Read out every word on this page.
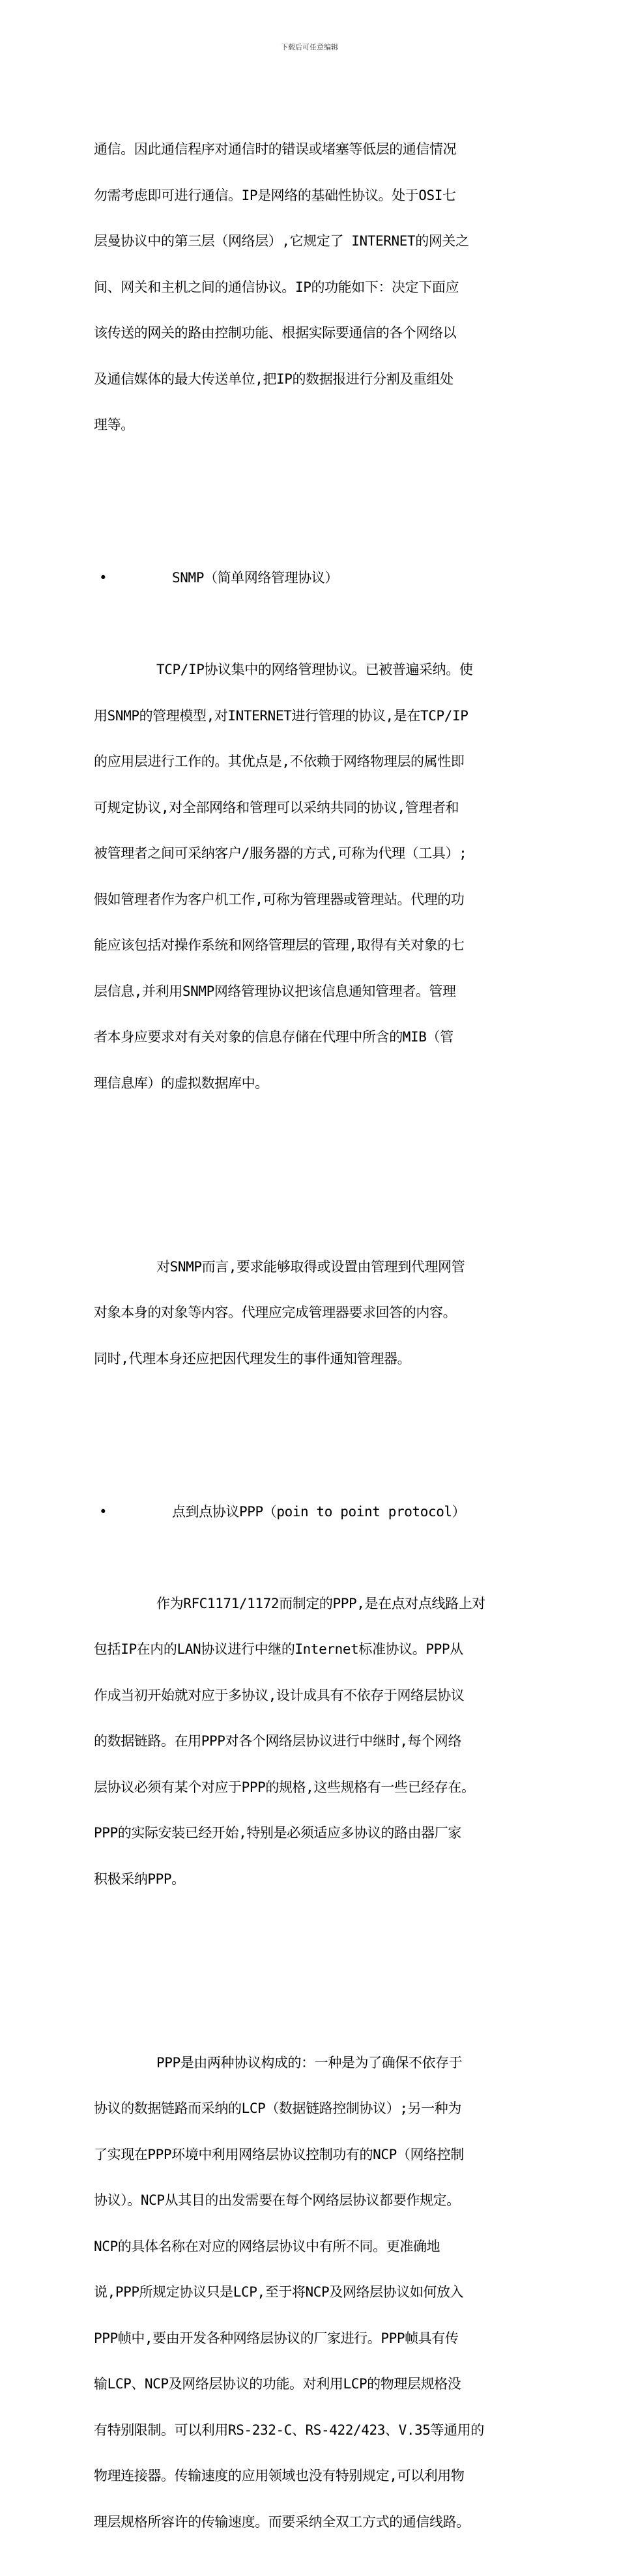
下载后可任意编辑

通信。因此通信程序对通信时的错误或堵塞等低层的通信情况

勿需考虑即可进行通信。IP是网络的基础性协议。处于OSI七

层曼协议中的第三层（网络层）,它规定了 INTERNET的网关之

间、网关和主机之间的通信协议。IP的功能如下：决定下面应

该传送的网关的路由控制功能、根据实际要通信的各个网络以

及通信媒体的最大传送单位,把IP的数据报进行分割及重组处

理等。

•

	SNMP（简单网络管理协议）

TCP/IP协议集中的网络管理协议。已被普遍采纳。使

用SNMP的管理模型,对INTERNET进行管理的协议,是在TCP/IP

的应用层进行工作的。其优点是,不依赖于网络物理层的属性即

可规定协议,对全部网络和管理可以采纳共同的协议,管理者和

被管理者之间可采纳客户/服务器的方式,可称为代理（工具）;

假如管理者作为客户机工作,可称为管理器或管理站。代理的功

能应该包括对操作系统和网络管理层的管理,取得有关对象的七

层信息,并利用SNMP网络管理协议把该信息通知管理者。管理

者本身应要求对有关对象的信息存储在代理中所含的MIB（管

理信息库）的虚拟数据库中。

对SNMP而言,要求能够取得或设置由管理到代理网管

对象本身的对象等内容。代理应完成管理器要求回答的内容。

同时,代理本身还应把因代理发生的事件通知管理器。

•

	点到点协议PPP（poin to point protocol）

作为RFC1171/1172而制定的PPP,是在点对点线路上对

包括IP在内的LAN协议进行中继的Internet标准协议。PPP从

作成当初开始就对应于多协议,设计成具有不依存于网络层协议

的数据链路。在用PPP对各个网络层协议进行中继时,每个网络

层协议必须有某个对应于PPP的规格,这些规格有一些已经存在。

PPP的实际安装已经开始,特别是必须适应多协议的路由器厂家

积极采纳PPP。

PPP是由两种协议构成的：一种是为了确保不依存于

协议的数据链路而采纳的LCP（数据链路控制协议）;另一种为

了实现在PPP环境中利用网络层协议控制功有的NCP（网络控制

协议）。NCP从其目的出发需要在每个网络层协议都要作规定。

NCP的具体名称在对应的网络层协议中有所不同。更准确地

说,PPP所规定协议只是LCP,至于将NCP及网络层协议如何放入

PPP帧中,要由开发各种网络层协议的厂家进行。PPP帧具有传

输LCP、NCP及网络层协议的功能。对利用LCP的物理层规格没

有特别限制。可以利用RS-232-C、RS-422/423、V.35等通用的

物理连接器。传输速度的应用领域也没有特别规定,可以利用物

理层规格所容许的传输速度。而要采纳全双工方式的通信线路。
